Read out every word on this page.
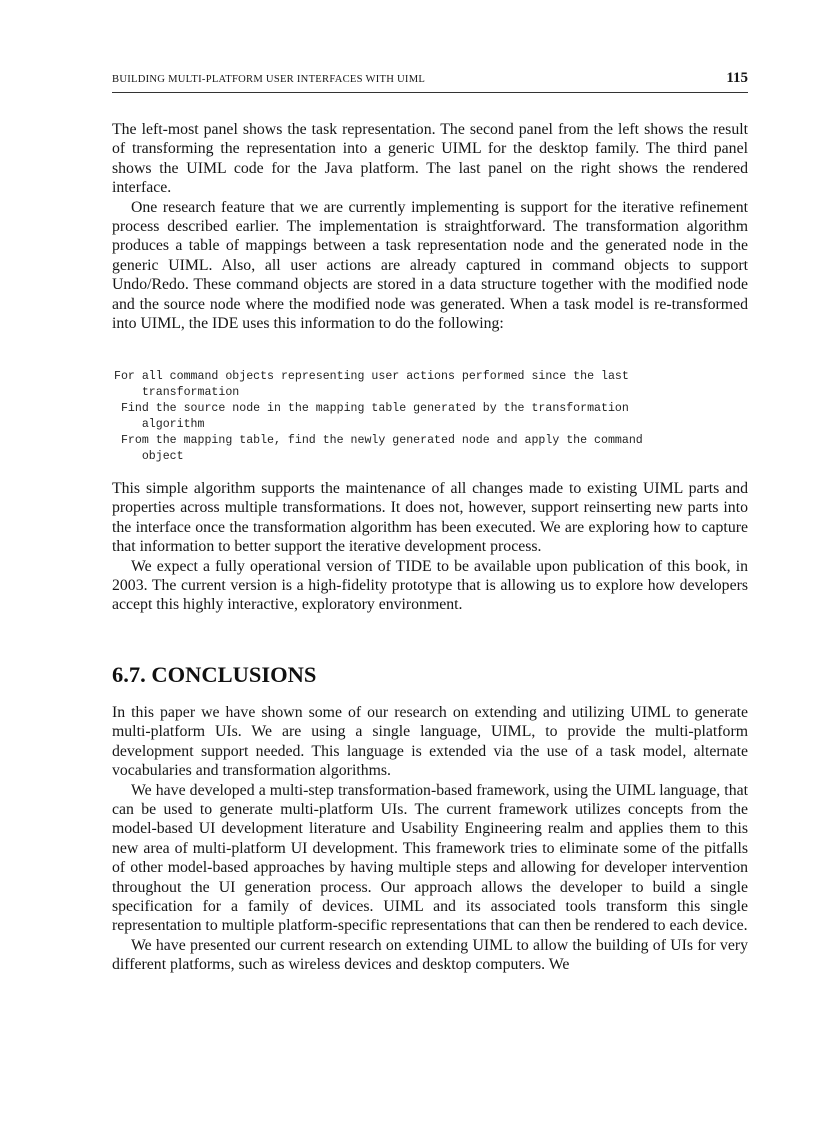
BUILDING MULTI-PLATFORM USER INTERFACES WITH UIML	115

The left-most panel shows the task representation. The second panel from the left shows the result of transforming the representation into a generic UIML for the desktop family. The third panel shows the UIML code for the Java platform. The last panel on the right shows the rendered interface.

One research feature that we are currently implementing is support for the iterative refinement process described earlier. The implementation is straightforward. The transformation algorithm produces a table of mappings between a task representation node and the generated node in the generic UIML. Also, all user actions are already captured in command objects to support Undo/Redo. These command objects are stored in a data structure together with the modified node and the source node where the modified node was generated. When a task model is re-transformed into UIML, the IDE uses this information to do the following:

For all command objects representing user actions performed since the last
transformation
Find the source node in the mapping table generated by the transformation
algorithm
From the mapping table, find the newly generated node and apply the command
object

This simple algorithm supports the maintenance of all changes made to existing UIML parts and properties across multiple transformations. It does not, however, support reinserting new parts into the interface once the transformation algorithm has been executed. We are exploring how to capture that information to better support the iterative development process.

We expect a fully operational version of TIDE to be available upon publication of this book, in 2003. The current version is a high-fidelity prototype that is allowing us to explore how developers accept this highly interactive, exploratory environment.

6.7. CONCLUSIONS

In this paper we have shown some of our research on extending and utilizing UIML to generate multi-platform UIs. We are using a single language, UIML, to provide the multi-platform development support needed. This language is extended via the use of a task model, alternate vocabularies and transformation algorithms.

We have developed a multi-step transformation-based framework, using the UIML language, that can be used to generate multi-platform UIs. The current framework utilizes concepts from the model-based UI development literature and Usability Engineering realm and applies them to this new area of multi-platform UI development. This framework tries to eliminate some of the pitfalls of other model-based approaches by having multiple steps and allowing for developer intervention throughout the UI generation process. Our approach allows the developer to build a single specification for a family of devices. UIML and its associated tools transform this single representation to multiple platform-specific representations that can then be rendered to each device.

We have presented our current research on extending UIML to allow the building of UIs for very different platforms, such as wireless devices and desktop computers. We
